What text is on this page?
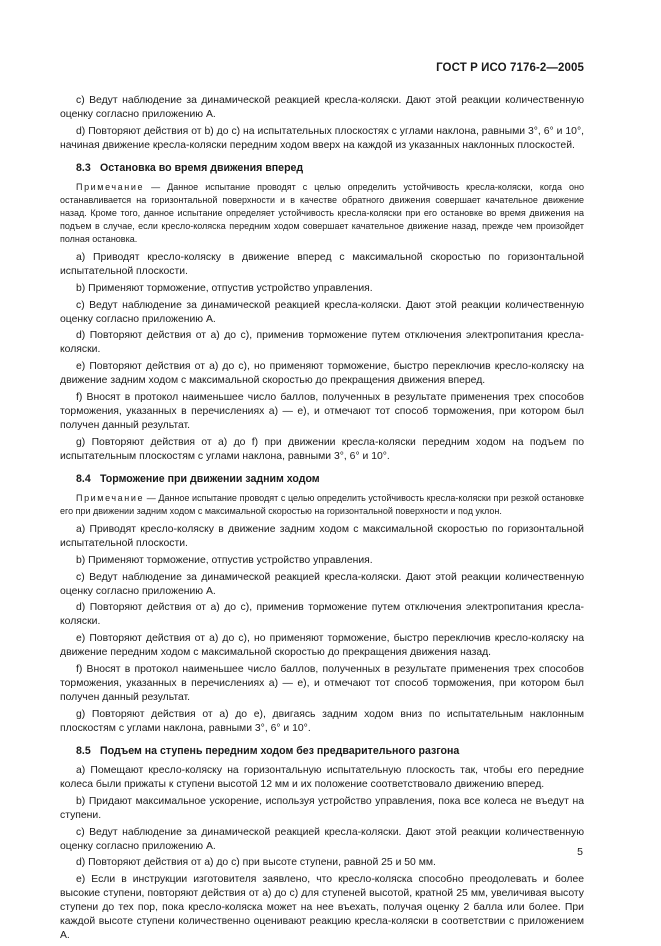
ГОСТ Р ИСО 7176-2—2005

c) Ведут наблюдение за динамической реакцией кресла-коляски. Дают этой реакции количественную оценку согласно приложению А.

d) Повторяют действия от b) до с) на испытательных плоскостях с углами наклона, равными 3°, 6° и 10°, начиная движение кресла-коляски передним ходом вверх на каждой из указанных наклонных плоскостей.

8.3 Остановка во время движения вперед

Примечание — Данное испытание проводят с целью определить устойчивость кресла-коляски, когда оно останавливается на горизонтальной поверхности и в качестве обратного движения совершает качательное движение назад. Кроме того, данное испытание определяет устойчивость кресла-коляски при его остановке во время движения на подъем в случае, если кресло-коляска передним ходом совершает качательное движение назад, прежде чем произойдет полная остановка.

a) Приводят кресло-коляску в движение вперед с максимальной скоростью по горизонтальной испытательной плоскости.

b) Применяют торможение, отпустив устройство управления.

c) Ведут наблюдение за динамической реакцией кресла-коляски. Дают этой реакции количественную оценку согласно приложению А.

d) Повторяют действия от а) до с), применив торможение путем отключения электропитания кресла-коляски.

e) Повторяют действия от а) до с), но применяют торможение, быстро переключив кресло-коляску на движение задним ходом с максимальной скоростью до прекращения движения вперед.

f) Вносят в протокол наименьшее число баллов, полученных в результате применения трех способов торможения, указанных в перечислениях а) — е), и отмечают тот способ торможения, при котором был получен данный результат.

g) Повторяют действия от а) до f) при движении кресла-коляски передним ходом на подъем по испытательным плоскостям с углами наклона, равными 3°, 6° и 10°.

8.4 Торможение при движении задним ходом

Примечание — Данное испытание проводят с целью определить устойчивость кресла-коляски при резкой остановке его при движении задним ходом с максимальной скоростью на горизонтальной поверхности и под уклон.

a) Приводят кресло-коляску в движение задним ходом с максимальной скоростью по горизонтальной испытательной плоскости.

b) Применяют торможение, отпустив устройство управления.

c) Ведут наблюдение за динамической реакцией кресла-коляски. Дают этой реакции количественную оценку согласно приложению А.

d) Повторяют действия от а) до с), применив торможение путем отключения электропитания кресла-коляски.

e) Повторяют действия от а) до с), но применяют торможение, быстро переключив кресло-коляску на движение передним ходом с максимальной скоростью до прекращения движения назад.

f) Вносят в протокол наименьшее число баллов, полученных в результате применения трех способов торможения, указанных в перечислениях а) — е), и отмечают тот способ торможения, при котором был получен данный результат.

g) Повторяют действия от а) до е), двигаясь задним ходом вниз по испытательным наклонным плоскостям с углами наклона, равными 3°, 6° и 10°.

8.5 Подъем на ступень передним ходом без предварительного разгона

a) Помещают кресло-коляску на горизонтальную испытательную плоскость так, чтобы его передние колеса были прижаты к ступени высотой 12 мм и их положение соответствовало движению вперед.

b) Придают максимальное ускорение, используя устройство управления, пока все колеса не въедут на ступени.

c) Ведут наблюдение за динамической реакцией кресла-коляски. Дают этой реакции количественную оценку согласно приложению А.

d) Повторяют действия от а) до с) при высоте ступени, равной 25 и 50 мм.

e) Если в инструкции изготовителя заявлено, что кресло-коляска способно преодолевать и более высокие ступени, повторяют действия от а) до с) для ступеней высотой, кратной 25 мм, увеличивая высоту ступени до тех пор, пока кресло-коляска может на нее въехать, получая оценку 2 балла или более. При каждой высоте ступени количественно оценивают реакцию кресла-коляски в соответствии с приложением А.

5
